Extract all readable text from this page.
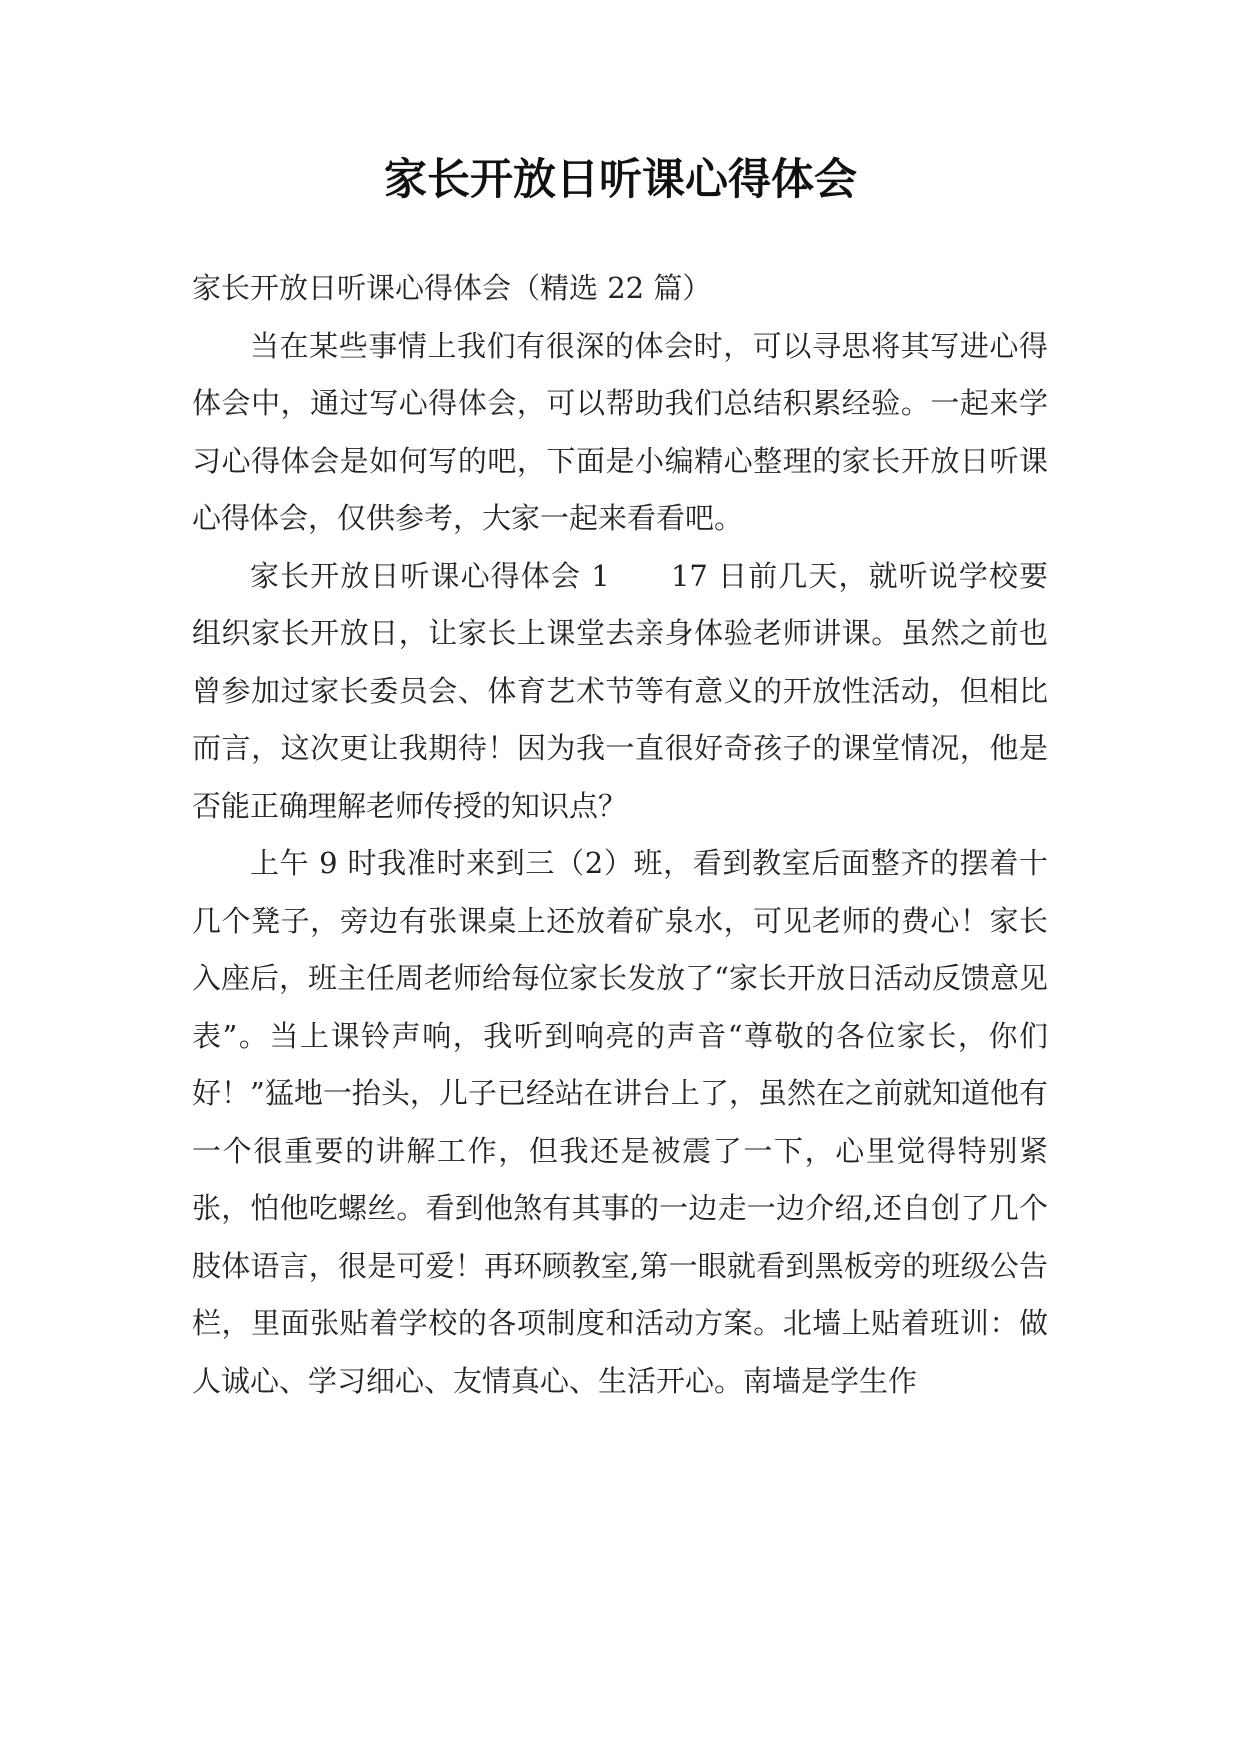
家长开放日听课心得体会

家长开放日听课心得体会（精选 22 篇）

当在某些事情上我们有很深的体会时，可以寻思将其写进心得体会中，通过写心得体会，可以帮助我们总结积累经验。一起来学习心得体会是如何写的吧，下面是小编精心整理的家长开放日听课心得体会，仅供参考，大家一起来看看吧。

家长开放日听课心得体会 1　　17 日前几天，就听说学校要组织家长开放日，让家长上课堂去亲身体验老师讲课。虽然之前也曾参加过家长委员会、体育艺术节等有意义的开放性活动，但相比而言，这次更让我期待！因为我一直很好奇孩子的课堂情况，他是否能正确理解老师传授的知识点？

上午 9 时我准时来到三（2）班，看到教室后面整齐的摆着十几个凳子，旁边有张课桌上还放着矿泉水，可见老师的费心！家长入座后，班主任周老师给每位家长发放了“家长开放日活动反馈意见表”。当上课铃声响，我听到响亮的声音“尊敬的各位家长，你们好！”猛地一抬头，儿子已经站在讲台上了，虽然在之前就知道他有一个很重要的讲解工作，但我还是被震了一下，心里觉得特别紧张，怕他吃螺丝。看到他煞有其事的一边走一边介绍,还自创了几个肢体语言，很是可爱！再环顾教室,第一眼就看到黑板旁的班级公告栏，里面张贴着学校的各项制度和活动方案。北墙上贴着班训：做人诚心、学习细心、友情真心、生活开心。南墙是学生作
